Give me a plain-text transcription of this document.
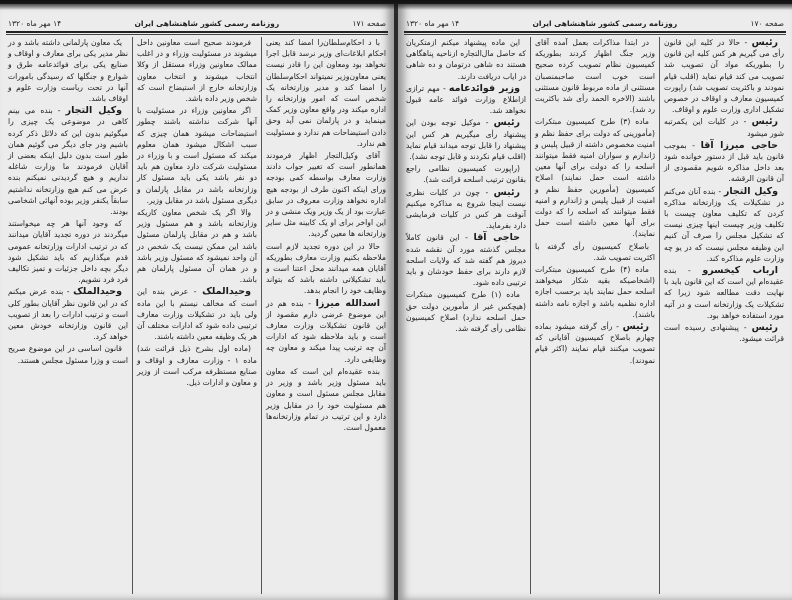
صفحه ۱۷۱
روزنامه رسمی کشور شاهنشاهی ایران
۱۴ مهر ماه ۱۳۲۰

با د احکام‌سلطان‌را امضا کند یعنی احکام ابلاغات‌ای وزیر نرسد قابل اجرا نخواهد بود ومعاون این را قادر نیست یعنی معاون‌وزیر نمیتواند احکام‌سلطان را امضا کند و مدیر وزارتخانه یک شخص است که امور وزارتخانه را اداره میکند ودر واقع معاون وزیر کمک مینماید و در پارلمان نمی آید وحق دادن استیضاحات هم ندارد و مسئولیت هم ندارد.

آقای وکیل‌التجار اظهار فرمودند همانطور است که تغییر جواب دادند وزارت معارف بواسطه کمی بودجه ورای اینکه اکنون طرف از بودجه هیچ اداره نخواهد وزارت معروف در سابق عبارت بود از یک وزیر ویک منشی و در این اواخر برای او یک کابینه مثل سایر وزارتخانه ها معین گردید.

حالا در این دوره تجدید لازم است ملاحظه بکنیم وزارت معارف بطوریکه آقایان همه میدانند محل اعتنا است و باید تشکیلاتی داشته باشد که بتواند وظایف خود را انجام بدهد.

اسدالله میرزا - بنده هم در این موضوع عرضی دارم مقصود از این قانون تشکیلات وزارت معارف است و باید ملاحظه شود که ادارات آن چه ترتیب پیدا میکند و معاون چه وظایفی دارد.

بنده عقیده‌ام این است که معاون باید مسئول وزیر باشد و وزیر در مقابل مجلس مسئول است و معاون هم مسئولیت خود را در مقابل وزیر دارد و این ترتیب در تمام وزارتخانه‌ها معمول است.

فرمودند صحیح است معاونین داخل میشوند در مسئولیت وزراء و در اغلب ممالک معاونین وزراء مستقل از وکلا انتخاب میشوند و انتخاب معاون وزارتخانه خارج از استیضاح است که شخص وزیر داده باشد.

اگر معاونین وزراء در مسئولیت با آنها شرکت نداشته باشند چطور استیضاحات میشود همان چیزی که سبب اشکال میشود همان معلوم میکند که مسئول است و با وزراء در مسئولیت شرکت دارد معاون هم باید دو نفر باشد یکی باید مسئول کار وزارتخانه باشد در مقابل پارلمان و دیگری مسئول باشد در مقابل وزیر.

والا اگر یک شخص معاون کاریکه وزارتخانه باشد و هم مسئول وزیر باشد و هم در مقابل پارلمان مسئول باشد این ممکن نیست یک شخص در آن واحد نمیشود که مسئول وزیر باشد و در همان آن مسئول پارلمان هم باشد.

وحیدالملک - عرض بنده این است که مخالف نیستم با این ماده ولی باید در تشکیلات وزارت معارف ترتیبی داده شود که ادارات مختلف آن هر یک وظیفه معین داشته باشند.

(ماده اول بشرح ذیل قرائت شد) ماده ۱ - وزارت معارف و اوقاف و صنایع مستظرفه مرکب است از وزیر و معاون و ادارات ذیل.

یک معاون پارلمانی داشته باشد و در نظر مدیر یکی برای معارف و اوقاف و صنایع یکی برای فوائدعامه طرق و شوارع و جنگلها که رسیدگی بامورات آنها در تحت ریاست وزارت علوم و اوقاف باشد.

وکیل التجار - بنده می بینم کاهی در موضوعی یک چیزی را میگوئیم بدون این که دلائل ذکر کرده باشیم ودر جای دیگر می گوئیم همان طور است بدون دلیل اینکه بعضی از آقایان فرمودند ما وزارت شاغله نداریم و هیچ گردیدنی نمیکنم بنده عرض می کنم هیچ وزارتخانه نداشتیم سابقاً یکنفر وزیر بوده آنهائی اشخاصی بودند.

که وجود آنها هر چه میخواستند میگردند در دوره تجدید آقایان میدانند که در ترتیب ادارات وزارتخانه عمومی قدم میگذاریم که باید تشکیل شود دیگر بچه داخل جزئیات و تمیز تکالیف فرد فرد نشویم.

وحیدالملک - بنده عرض میکنم که در این قانون نظر آقایان بطور کلی است و ترتیب ادارات را بعد از تصویب این قانون وزارتخانه خودش معین خواهد کرد.

قانون اساسی در این موضوع صریح است و وزرا مسئول مجلس هستند.

صفحه ۱۷۰
روزنامه رسمی کشور شاهنشاهی ایران
۱۴ مهر ماه ۱۳۲۰

رئیس - حالا در کلیه این قانون رأی می گیریم هر کس کلیه این قانون را بطوریکه مواد آن تصویب شد تصویب می کند قیام نماید (اقلب قیام نمودند و باکثریت تصویب شد) راپورت کمیسیون معارف و اوقاف در خصوص تشکیل اداری وزارت علوم و اوقاف.

رئیس - در کلیات این یکمرتبه شور میشود

حاجی میرزا آقا - بموجب قانون باید قبل از دستور خوانده شود بعد داخل مذاکره شویم مقصودی از آن قانون الرقشه.

وکیل التجار - بنده آنان می‌کنم در تشکیلات یک وزارتخانه مذاکره کردن که تکلیف معاون چیست با تکلیف وزیر چیست اینها چیزی نیست که تشکیل مجلس را صرف آن کنیم این وظیفه مجلس نیست که در یو چه وزارت علوم مذاکره کند.

ارباب کیخسرو - بنده عقیده‌ام این است که این قانون باید با نهایت دقت مطالعه شود زیرا که تشکیلات یک وزارتخانه است و در آتیه مورد استفاده خواهد بود.

رئیس - پیشنهادی رسیده است قرائت میشود.

در ابتدا مذاکرات بعمل آمده آقای وزیر جنگ اظهار کردند بطوریکه کمیسیون نظام تصویب کرده صحیح است خوب است صاحبمنصبان مستثنی از ماده مربوط قانون مستثنی باشند (الاخره الحمد رأی شد باکثریت رد شد).

ماده (۳) طرح کمیسیون مبتکرات (مأمورینی که دولت برای حفظ نظم و امنیت مخصوص داشته از قبیل پلیس و ژاندارم و سواران امنیه فقط میتوانند اسلحه را که دولت برای آنها معین داشته است حمل نمایند) اصلاح کمیسیون (مأمورین حفظ نظم و امنیت از قبیل پلیس و ژاندارم و امنیه فقط میتوانند که اسلحه را که دولت برای آنها معین داشته است حمل نمایند).

باصلاح کمیسیون رأی گرفته با اکثریت تصویب شد.

ماده (۴) طرح کمیسیون مبتکرات (اشخاصیکه بقیه شکار میخواهند اسلحه حمل نمایند باید برحسب اجازه اداره نظمیه باشد و اجازه نامه داشته باشند).

رئیس - رأی گرفته میشود بماده چهارم باصلاح کمیسیون آقایانی که تصویب میکنند قیام نمایند (اکثر قیام نمودند).

این ماده پیشنهاد میکنم ازمتکریان که حاصل مال‌التجاره ازناحیه پناهگاهی هستند ده شاهی درتومان و ده شاهی در ایاب دریافت دارند.

وزیر فوائدعامه - مهم ترازی ازاطلاع وزارت فوائد عامه قبول نخواهد شد.

رئیس - موکیل توجه بودن این پیشنهاد رأی میگیریم هر کس این پیشنهاد را قابل توجه میداند قیام نماید (اقلب قیام نکردند و قابل توجه نشد).

(راپورت کمیسیون نظامی راجع بقانون ترتیب اسلحه قرائت شد).

رئیس - چون در کلیات نظری نیست اینجا شروع به مذاکره میکنیم آنوقت هر کس در کلیات فرمایشی دارد بفرماید.

حاجی آقا - این قانون کاملاً مجلس گذشته مورد آن نقشه شده دیروز هم گفته شد که ولایات اسلحه لازم دارند برای حفظ خودشان و باید ترتیبی داده شود.

ماده (۱) طرح کمیسیون مبتکرات (هیچکس غیر از مأمورین دولت حق حمل اسلحه ندارد) اصلاح کمیسیون نظامی رأی گرفته شد.
